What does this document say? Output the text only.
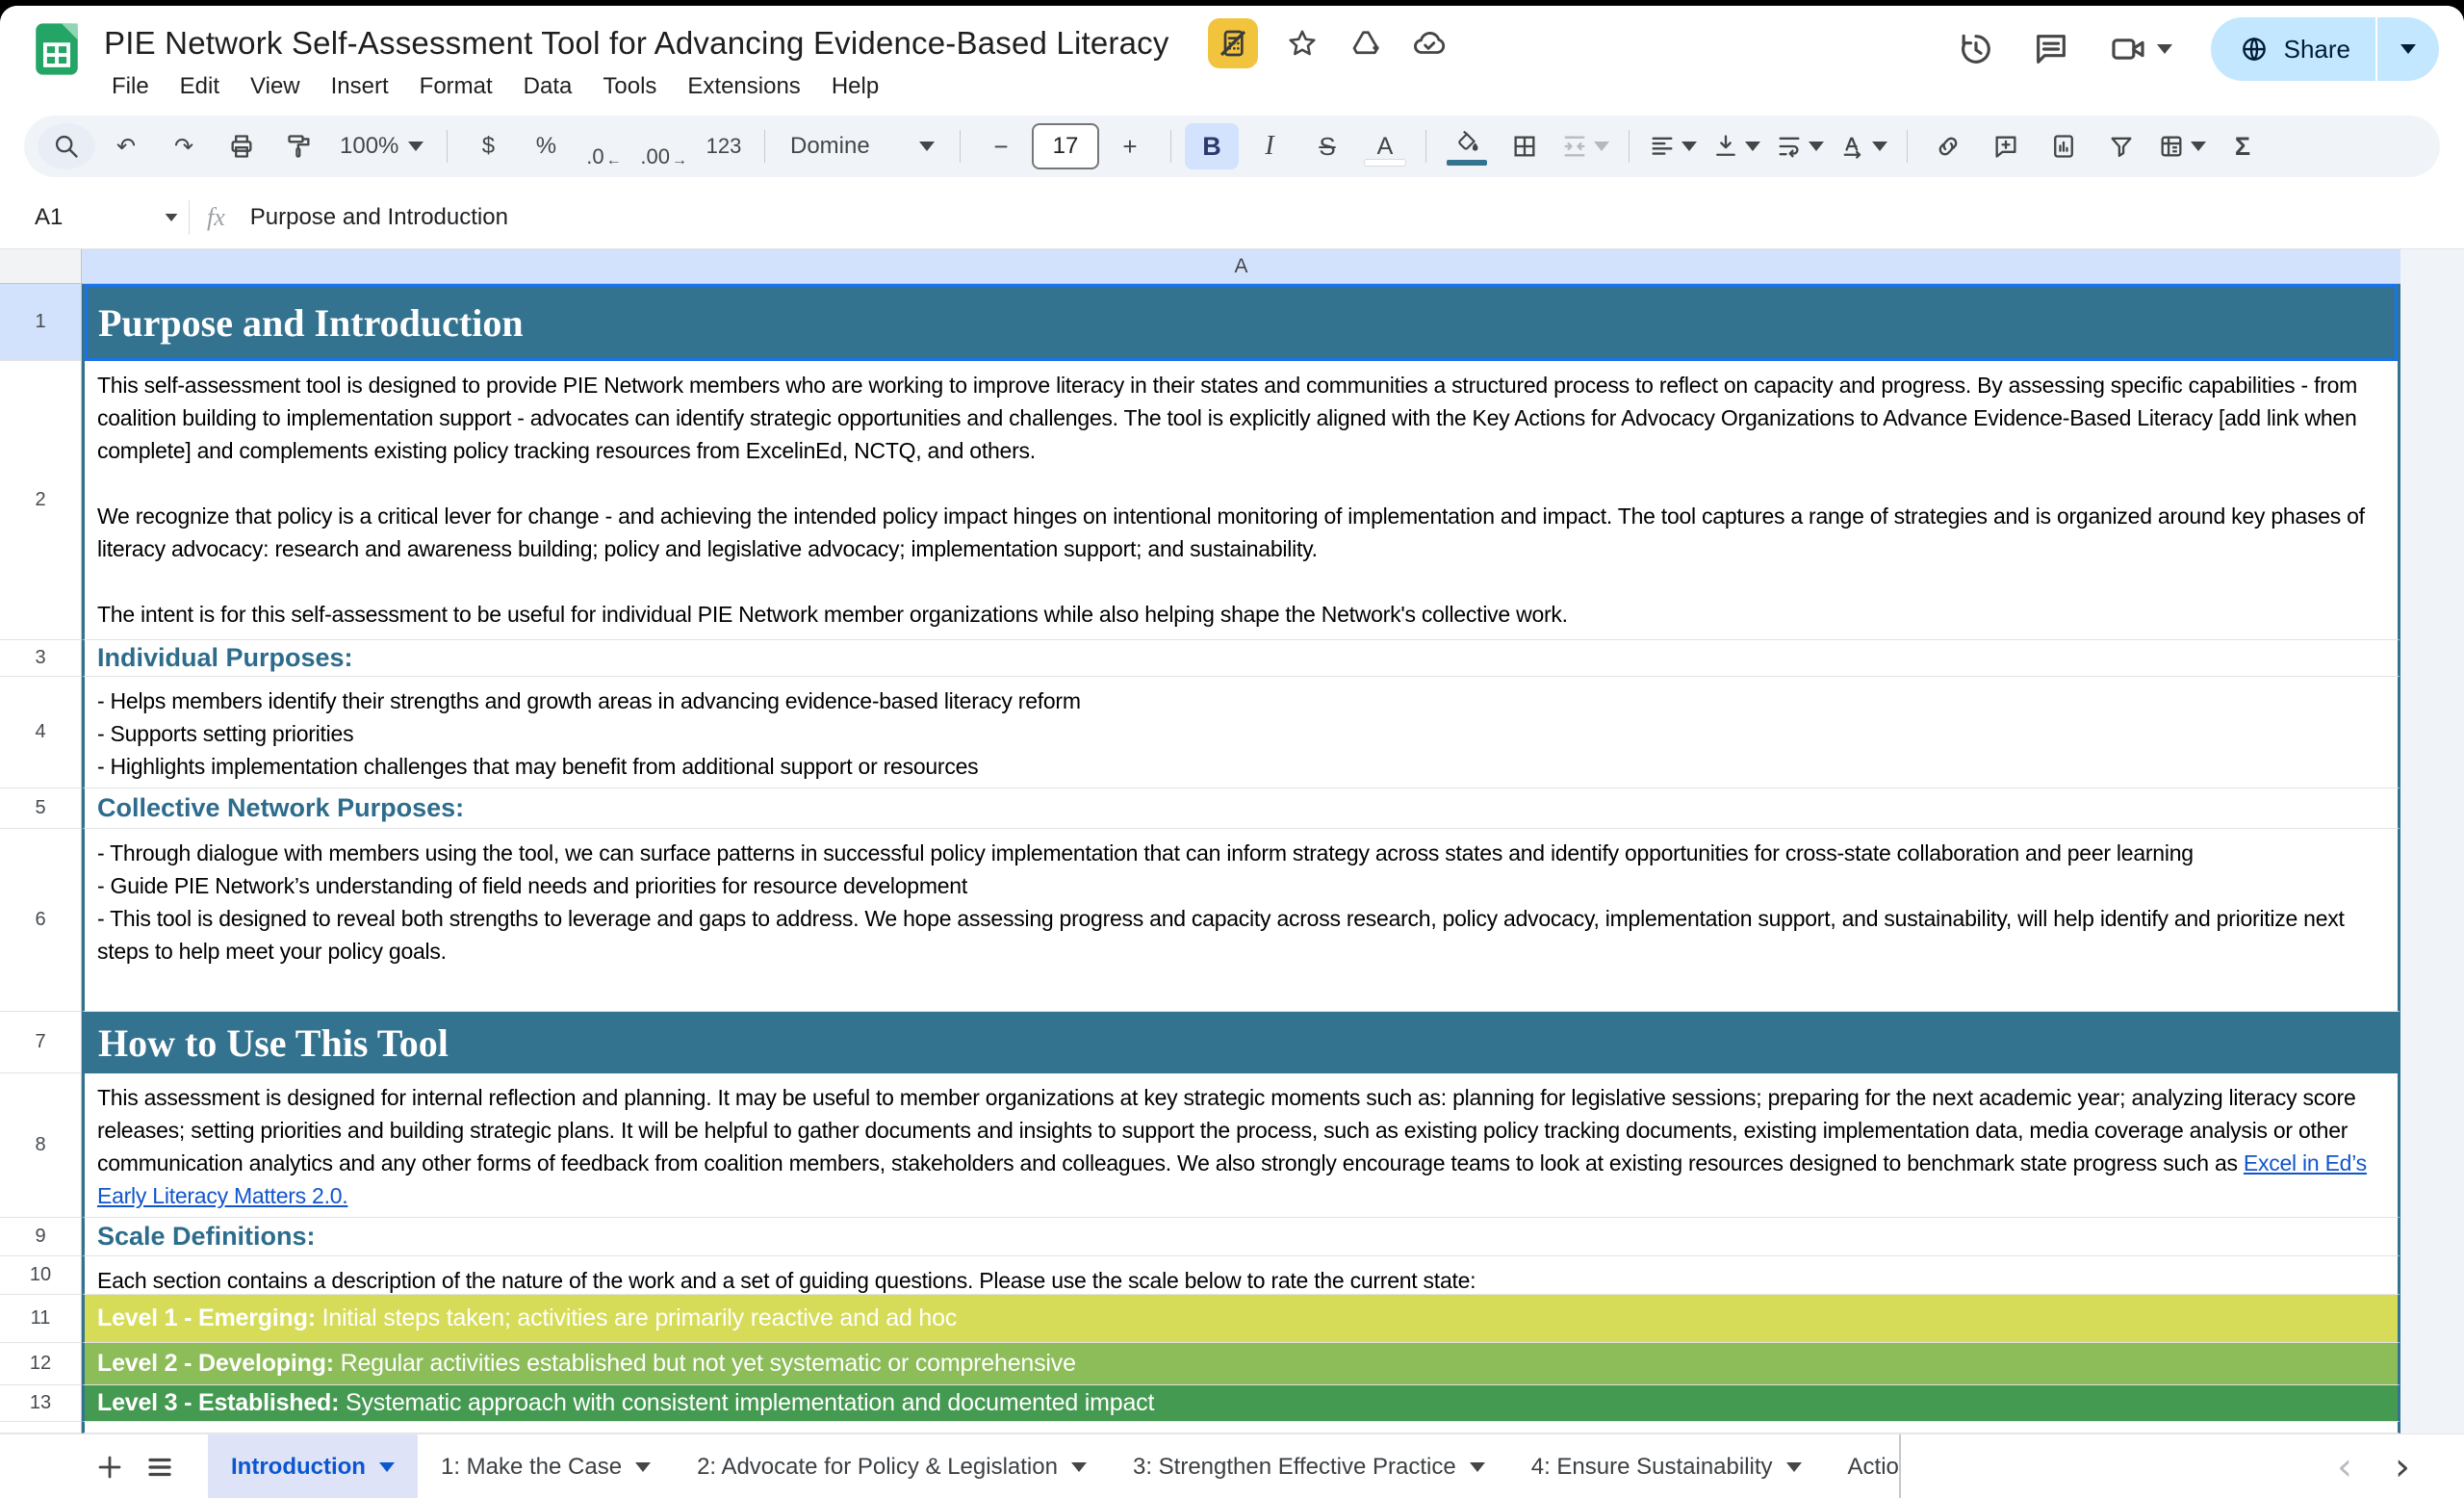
PIE Network Self-Assessment Tool for Advancing Evidence-Based Literacy
File	Edit	View	Insert	Format	Data	Tools	Extensions	Help
Share
↶	↷	100%	$	%	.0 ← .00 →
123	Domine	−	17	+	B	I	S	A	Σ
A1	fx Purpose and Introduction
A
1	Purpose and Introduction
2
This self-assessment tool is designed to provide PIE Network members who are working to improve literacy in their states and communities a structured process to reflect on capacity and progress. By assessing specific capabilities - from coalition building to implementation support - advocates can identify strategic opportunities and challenges. The tool is explicitly aligned with the Key Actions for Advocacy Organizations to Advance Evidence-Based Literacy [add link when complete] and complements existing policy tracking resources from ExcelinEd, NCTQ, and others.
We recognize that policy is a critical lever for change - and achieving the intended policy impact hinges on intentional monitoring of implementation and impact. The tool captures a range of strategies and is organized around key phases of literacy advocacy: research and awareness building; policy and legislative advocacy; implementation support; and sustainability.
The intent is for this self-assessment to be useful for individual PIE Network member organizations while also helping shape the Network's collective work.
3	Individual Purposes:
4
- Helps members identify their strengths and growth areas in advancing evidence-based literacy reform
- Supports setting priorities
- Highlights implementation challenges that may benefit from additional support or resources
5	Collective Network Purposes:
6
- Through dialogue with members using the tool, we can surface patterns in successful policy implementation that can inform strategy across states and identify opportunities for cross-state collaboration and peer learning
- Guide PIE Network’s understanding of field needs and priorities for resource development
- This tool is designed to reveal both strengths to leverage and gaps to address. We hope assessing progress and capacity across research, policy advocacy, implementation support, and sustainability, will help identify and prioritize next steps to help meet your policy goals.
7	How to Use This Tool
8
This assessment is designed for internal reflection and planning. It may be useful to member organizations at key strategic moments such as: planning for legislative sessions; preparing for the next academic year; analyzing literacy score releases; setting priorities and building strategic plans. It will be helpful to gather documents and insights to support the process, such as existing policy tracking documents, existing implementation data, media coverage analysis or other communication analytics and any other forms of feedback from coalition members, stakeholders and colleagues. We also strongly encourage teams to look at existing resources designed to benchmark state progress such as Excel in Ed’s Early Literacy Matters 2.0.
9	Scale Definitions:
10	Each section contains a description of the nature of the work and a set of guiding questions. Please use the scale below to rate the current state:
11	Level 1 - Emerging: Initial steps taken; activities are primarily reactive and ad hoc
12	Level 2 - Developing: Regular activities established but not yet systematic or comprehensive
13	Level 3 - Established: Systematic approach with consistent implementation and documented impact
Introduction	1: Make the Case	2: Advocate for Policy & Legislation	3: Strengthen Effective Practice	4: Ensure Sustainability	Actio	‹ ›
